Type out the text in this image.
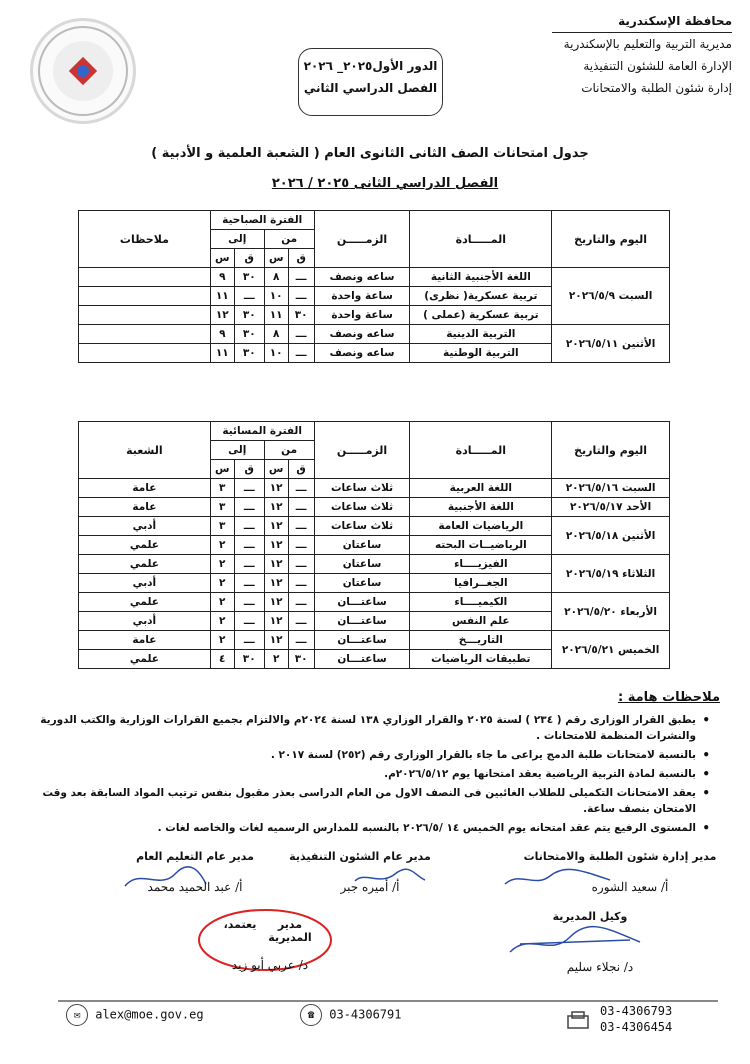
محافظة الإسكندرية
مديرية التربية والتعليم بالإسكندرية
الإدارة العامة للشئون التنفيذية
إدارة شئون الطلبة والامتحانات
الدور الأول٢٠٢٥_ ٢٠٢٦
الفصل الدراسي الثاني
جدول امتحانات الصف الثانى الثانوى العام ( الشعبة العلمية و الأدبية )
الفصل الدراسي الثانى ٢٠٢٥ / ٢٠٢٦
اليوم والتاريخ	المـــــادة	الزمـــــن	الفترة الصباحية				ملاحظات
			من		إلى		
			ق	س	ق	س	
السبت ٢٠٢٦/٥/٩	اللغة الأجنبية الثانية	ساعه ونصف	ـــ	٨	٣٠	٩	
	تربية عسكرية( نظرى)	ساعة واحدة	ـــ	١٠	ـــ	١١	
	تربية عسكرية (عملى )	ساعة واحدة	٣٠	١١	٣٠	١٢	
الأثنين ٢٠٢٦/٥/١١	التربية الدينية	ساعه ونصف	ـــ	٨	٣٠	٩	
	التربية الوطنية	ساعه ونصف	ـــ	١٠	٣٠	١١	
اليوم والتاريخ	المـــــادة	الزمـــــن	الفترة المسائية				الشعبة
			من		إلى		
			ق	س	ق	س	
السبت ٢٠٢٦/٥/١٦	اللغة العربية	ثلاث ساعات	ـــ	١٢	ـــ	٣	عامة
الأحد ٢٠٢٦/٥/١٧	اللغة الأجنبية	ثلاث ساعات	ـــ	١٢	ـــ	٣	عامة
الأثنين ٢٠٢٦/٥/١٨	الرياضيات العامة	ثلاث ساعات	ـــ	١٢	ـــ	٣	أدبي
	الرياضيــات البحته	ساعتان	ـــ	١٢	ـــ	٢	علمي
الثلاثاء ٢٠٢٦/٥/١٩	الفيزيــــاء	ساعتان	ـــ	١٢	ـــ	٢	علمي
	الجغــرافيا	ساعتان	ـــ	١٢	ـــ	٢	أدبي
الأربعاء ٢٠٢٦/٥/٢٠	الكيميــــاء	ساعتـــان	ـــ	١٢	ـــ	٢	علمي
	علم النفس	ساعتـــان	ـــ	١٢	ـــ	٢	أدبي
الخميس ٢٠٢٦/٥/٢١	التاريـــخ	ساعتـــان	ـــ	١٢	ـــ	٢	عامة
	تطبيقات الرياضيات	ساعتـــان	٣٠	٢	٣٠	٤	علمي
ملاحظات هامة :
• يطبق القرار الوزارى رقم ( ٢٣٤ ) لسنة ٢٠٢٥ والقرار الوزاري ١٣٨ لسنة ٢٠٢٤م والالتزام بجميع القرارات الوزارية والكتب الدورية والنشرات المنظمة للامتحانات .
• بالنسبة لامتحانات طلبة الدمج يراعى ما جاء بالقرار الوزارى رقم (٢٥٢) لسنة ٢٠١٧ .
• بالنسبة لمادة التربية الرياضية يعقد امتحانها يوم ٢٠٢٦/٥/١٢م.
• يعقد الامتحانات التكميلى للطلاب الغائبين فى النصف الاول من العام الدراسى بعذر مقبول بنفس ترتيب المواد السابقة بعد وقت الامتحان بنصف ساعة.
• المستوى الرفيع يتم عقد امتحانه يوم الخميس ١٤ /٢٠٢٦/٥ بالنسبه للمدارس الرسميه لغات والخاصه لغات .
مدير إدارة شئون الطلبة والامتحانات
مدير عام الشئون التنفيذية
مدير عام التعليم العام
أ/ سعيد الشوره
أ/ أميره جبر
أ/ عبد الحميد محمد
وكيل المديرية
د/ نجلاء سليم
يعتمد،	مدير المديرية
د/ عربي أبو زيد
✉ alex@moe.gov.eg	☎ 03-4306791	03-4306793
03-4306454
